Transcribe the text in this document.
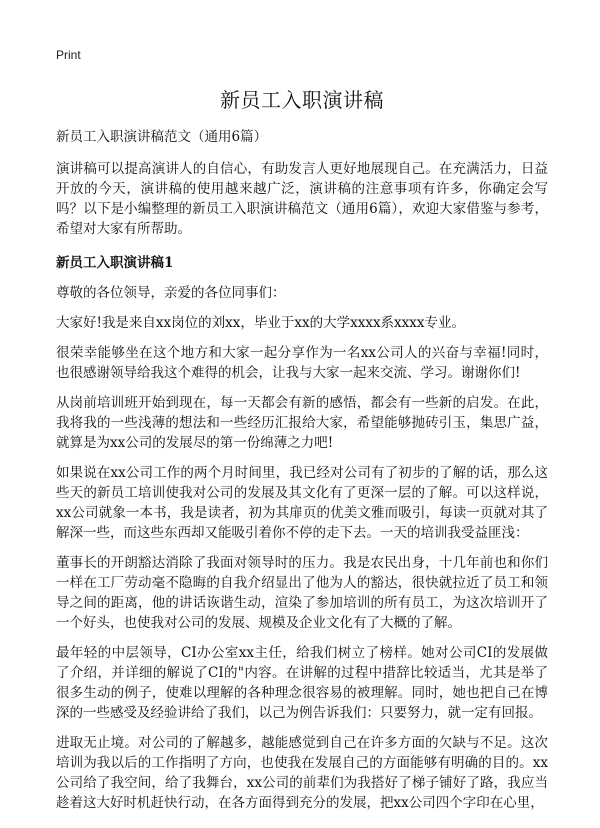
Print
新员工入职演讲稿
新员工入职演讲稿范文（通用6篇）

演讲稿可以提高演讲人的自信心，有助发言人更好地展现自己。在充满活力，日益开放的今天，演讲稿的使用越来越广泛，演讲稿的注意事项有许多，你确定会写吗？以下是小编整理的新员工入职演讲稿范文（通用6篇），欢迎大家借鉴与参考，希望对大家有所帮助。

新员工入职演讲稿1

尊敬的各位领导，亲爱的各位同事们：

大家好!我是来自xx岗位的刘xx，毕业于xx的大学xxxx系xxxx专业。

很荣幸能够坐在这个地方和大家一起分享作为一名xx公司人的兴奋与幸福!同时，也很感谢领导给我这个难得的机会，让我与大家一起来交流、学习。谢谢你们!

从岗前培训班开始到现在，每一天都会有新的感悟，都会有一些新的启发。在此，我将我的一些浅薄的想法和一些经历汇报给大家，希望能够抛砖引玉，集思广益，就算是为xx公司的发展尽的第一份绵薄之力吧!

如果说在xx公司工作的两个月时间里，我已经对公司有了初步的了解的话，那么这些天的新员工培训使我对公司的发展及其文化有了更深一层的了解。可以这样说，xx公司就象一本书，我是读者，初为其扉页的优美文雅而吸引，每读一页就对其了解深一些，而这些东西却又能吸引着你不停的走下去。一天的培训我受益匪浅：

董事长的开朗豁达消除了我面对领导时的压力。我是农民出身，十几年前也和你们一样在工厂劳动毫不隐晦的自我介绍显出了他为人的豁达，很快就拉近了员工和领导之间的距离，他的讲话诙谐生动，渲染了参加培训的所有员工，为这次培训开了一个好头，也使我对公司的发展、规模及企业文化有了大概的了解。

最年轻的中层领导，CI办公室xx主任，给我们树立了榜样。她对公司CI的发展做了介绍，并详细的解说了CI的"内容。在讲解的过程中措辞比较适当，尤其是举了很多生动的例子，使难以理解的各种理念很容易的被理解。同时，她也把自己在博深的一些感受及经验讲给了我们，以己为例告诉我们：只要努力，就一定有回报。

进取无止境。对公司的了解越多，越能感觉到自己在许多方面的欠缺与不足。这次培训为我以后的工作指明了方向，也使我在发展自己的方面能够有明确的目的。xx公司给了我空间，给了我舞台，xx公司的前辈们为我搭好了梯子铺好了路，我应当趁着这大好时机赶快行动，在各方面得到充分的发展，把xx公司四个字印在心里，
